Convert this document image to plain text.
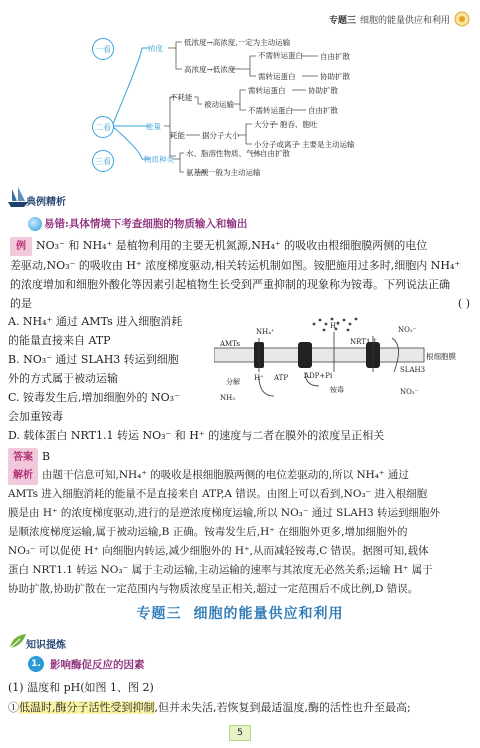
专题三 细胞的能量供应和利用
一看
二看
三看
浓度
能量
物质种类
低浓度→高浓度,一定为主动运输
高浓度→低浓度
不需转运蛋白 自由扩散
需转运蛋白	协助扩散
不耗能
被动运输
需转运蛋白	协助扩散
不需转运蛋白 自由扩散
耗能 据分子大小
大分子 胞吞、胞吐
小分子或离子 主要是主动运输
水、脂溶性物质、气体 自由扩散
氨基酸 一般为主动运输
典例精析
易错:具体情境下考查细胞的物质输入和输出
例 NO₃⁻ 和 NH₄⁺ 是植物利用的主要无机氮源,NH₄⁺ 的吸收由根细胞膜两侧的电位
差驱动,NO₃⁻ 的吸收由 H⁺ 浓度梯度驱动,相关转运机制如图。铵肥施用过多时,细胞内 NH₄⁺
的浓度增加和细胞外酸化等因素引起植物生长受到严重抑制的现象称为铵毒。下列说法正确
的是	( )
A. NH₄⁺ 通过 AMTs 进入细胞消耗
的能量直接来自 ATP
B. NO₃⁻ 通过 SLAH3 转运到细胞
外的方式属于被动运输
C. 铵毒发生后,增加细胞外的 NO₃⁻
会加重铵毒
D. 载体蛋白 NRT1.1 转运 NO₃⁻ 和 H⁺ 的速度与二者在膜外的浓度呈正相关
AMTs	NRT1.1
SLAH3
ATP ADP+Pi
根细胞膜
分解
铵毒
NH₄⁺	NO₃⁻
H⁺
H⁺
NH₃
NO₃⁻
答案 B
解析 由题干信息可知,NH₄⁺ 的吸收是根细胞膜两侧的电位差驱动的,所以 NH₄⁺ 通过
AMTs 进入细胞消耗的能量不是直接来自 ATP,A 错误。由图上可以看到,NO₃⁻ 进入根细胞
膜是由 H⁺ 的浓度梯度驱动,进行的是逆浓度梯度运输,所以 NO₃⁻ 通过 SLAH3 转运到细胞外
是顺浓度梯度运输,属于被动运输,B 正确。铵毒发生后,H⁺ 在细胞外更多,增加细胞外的
NO₃⁻ 可以促使 H⁺ 向细胞内转运,减少细胞外的 H⁺,从而减轻铵毒,C 错误。据图可知,载体
蛋白 NRT1.1 转运 NO₃⁻ 属于主动运输,主动运输的速率与其浓度无必然关系;运输 H⁺ 属于
协助扩散,协助扩散在一定范围内与物质浓度呈正相关,超过一定范围后不成比例,D 错误。
专题三 细胞的能量供应和利用
知识提炼
1. 影响酶促反应的因素
(1) 温度和 pH(如图 1、图 2)
①低温时,酶分子活性受到抑制,但并未失活,若恢复到最适温度,酶的活性也升至最高;
5
